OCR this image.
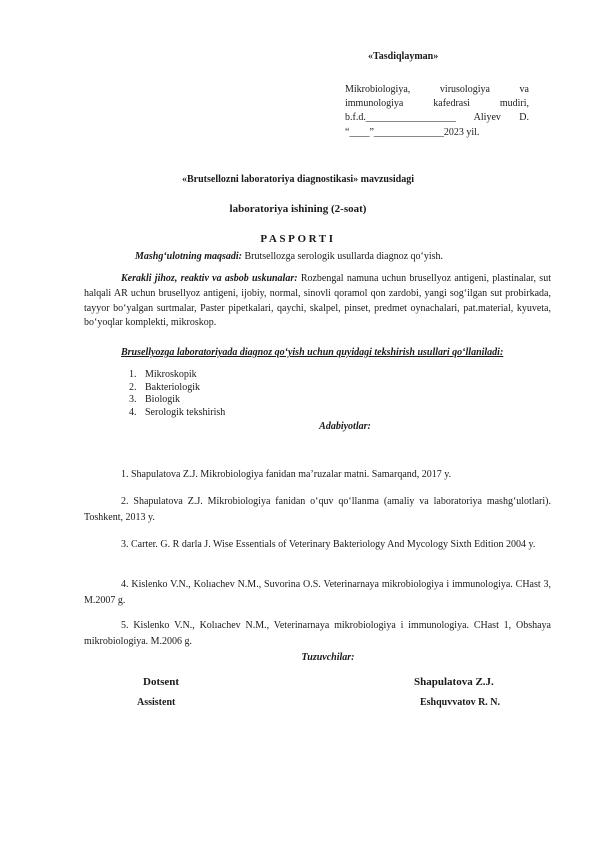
«Tasdiqlayman»
Mikrobiologiya, virusologiya va
immunologiya kafedrasi mudiri,
b.f.d.__________________ Aliyev D.
“____”______________2023 yil.
«Brutsellozni laboratoriya diagnostikasi» mavzusidagi
laboratoriya ishining (2-soat)
PASPORTI
Mashg‘ulotning maqsadi: Brutsellozga serologik usullarda diagnoz qo‘yish.
Kerakli jihoz, reaktiv va asbob uskunalar: Rozbengal namuna uchun brusellyoz antigeni, plastinalar, sut halqali AR uchun brusellyoz antigeni, ijobiy, normal, sinovli qoramol qon zardobi, yangi sog‘ilgan sut probirkada, tayyor bo‘yalgan surtmalar, Paster pipetkalari, qaychi, skalpel, pinset, predmet oynachalari, pat.material, kyuveta, bo‘yoqlar komplekti, mikroskop.
Brusellyozga laboratoriyada diagnoz qo‘yish uchun quyidagi tekshirish usullari qo‘llaniladi:
1. Mikroskopik
2. Bakteriologik
3. Biologik
4. Serologik tekshirish
Adabiyotlar:
1. Shapulatova Z.J. Mikrobiologiya fanidan ma’ruzalar matni. Samarqand, 2017 y.
2. Shapulatova Z.J. Mikrobiologiya fanidan o‘quv qo‘llanma (amaliy va laboratoriya mashg‘ulotlari). Toshkent, 2013 y.
3. Carter. G. R darla J. Wise Essentials of Veterinary Bakteriology And Mycology Sixth Edition 2004 y.
4. Kislenko V.N., Kolıachev N.M., Suvorina O.S. Veterinarnaya mikrobiologiya i immunologiya. CHast 3, M.2007 g.
5. Kislenko V.N., Kolıachev N.M., Veterinarnaya mikrobiologiya i immunologiya. CHast 1, Obshaya mikrobiologiya. M.2006 g.
Tuzuvchilar:
Dotsent	Shapulatova Z.J.
Assistent	Eshquvvatov R. N.
